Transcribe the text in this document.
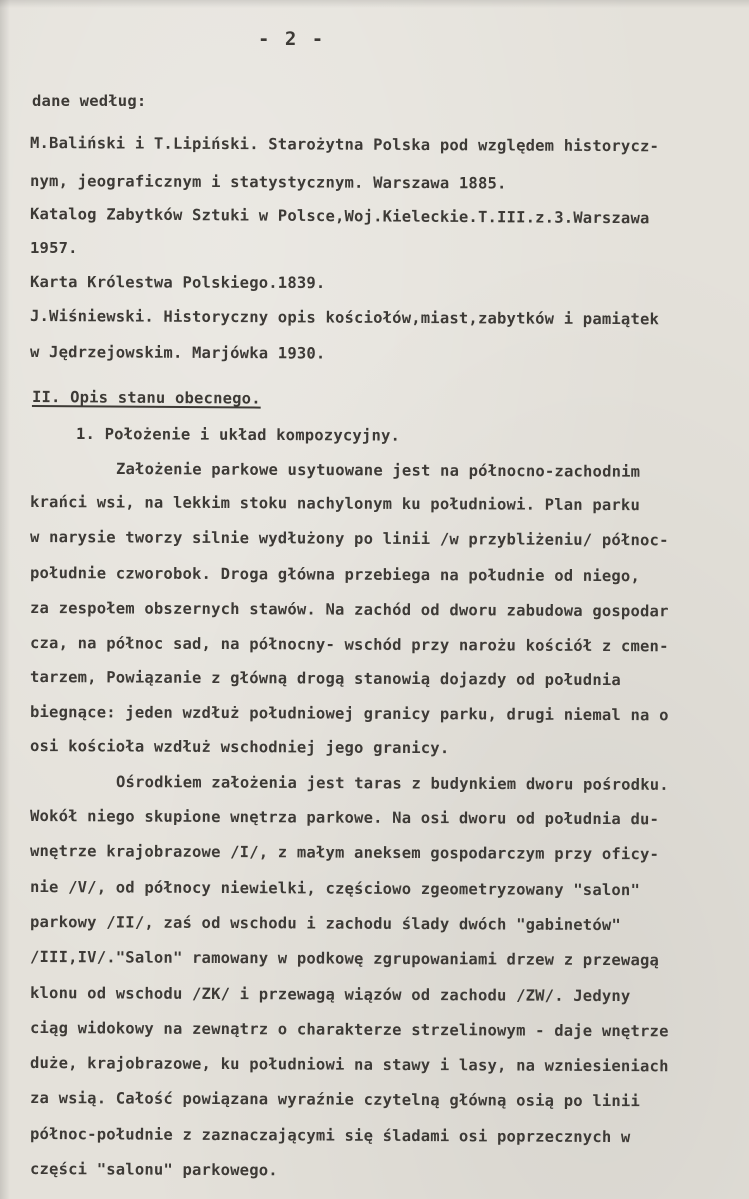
- 2 -
dane według:
M.Baliński i T.Lipiński. Starożytna Polska pod względem historycz-
nym, jeograficznym i statystycznym. Warszawa 1885.
Katalog Zabytków Sztuki w Polsce,Woj.Kieleckie.T.III.z.3.Warszawa
1957.
Karta Królestwa Polskiego.1839.
J.Wiśniewski. Historyczny opis kościołów,miast,zabytków i pamiątek
w Jędrzejowskim. Marjówka 1930.
II. Opis stanu obecnego.
1. Położenie i układ kompozycyjny.
Założenie parkowe usytuowane jest na północno-zachodnim
krańci wsi, na lekkim stoku nachylonym ku południowi. Plan parku
w narysie tworzy silnie wydłużony po linii /w przybliżeniu/ północ-
południe czworobok. Droga główna przebiega na południe od niego,
za zespołem obszernych stawów. Na zachód od dworu zabudowa gospodar
cza, na północ sad, na północny- wschód przy narożu kościół z cmen-
tarzem, Powiązanie z główną drogą stanowią dojazdy od południa
biegnące: jeden wzdłuż południowej granicy parku, drugi niemal na o
osi kościoła wzdłuż wschodniej jego granicy.
Ośrodkiem założenia jest taras z budynkiem dworu pośrodku.
Wokół niego skupione wnętrza parkowe. Na osi dworu od południa du-
wnętrze krajobrazowe /I/, z małym aneksem gospodarczym przy oficy-
nie /V/, od północy niewielki, częściowo zgeometryzowany "salon"
parkowy /II/, zaś od wschodu i zachodu ślady dwóch "gabinetów"
/III,IV/."Salon" ramowany w podkowę zgrupowaniami drzew z przewagą
klonu od wschodu /ZK/ i przewagą wiązów od zachodu /ZW/. Jedyny
ciąg widokowy na zewnątrz o charakterze strzelinowym - daje wnętrze
duże, krajobrazowe, ku południowi na stawy i lasy, na wzniesieniach
za wsią. Całość powiązana wyraźnie czytelną główną osią po linii
północ-południe z zaznaczającymi się śladami osi poprzecznych w
części "salonu" parkowego.
